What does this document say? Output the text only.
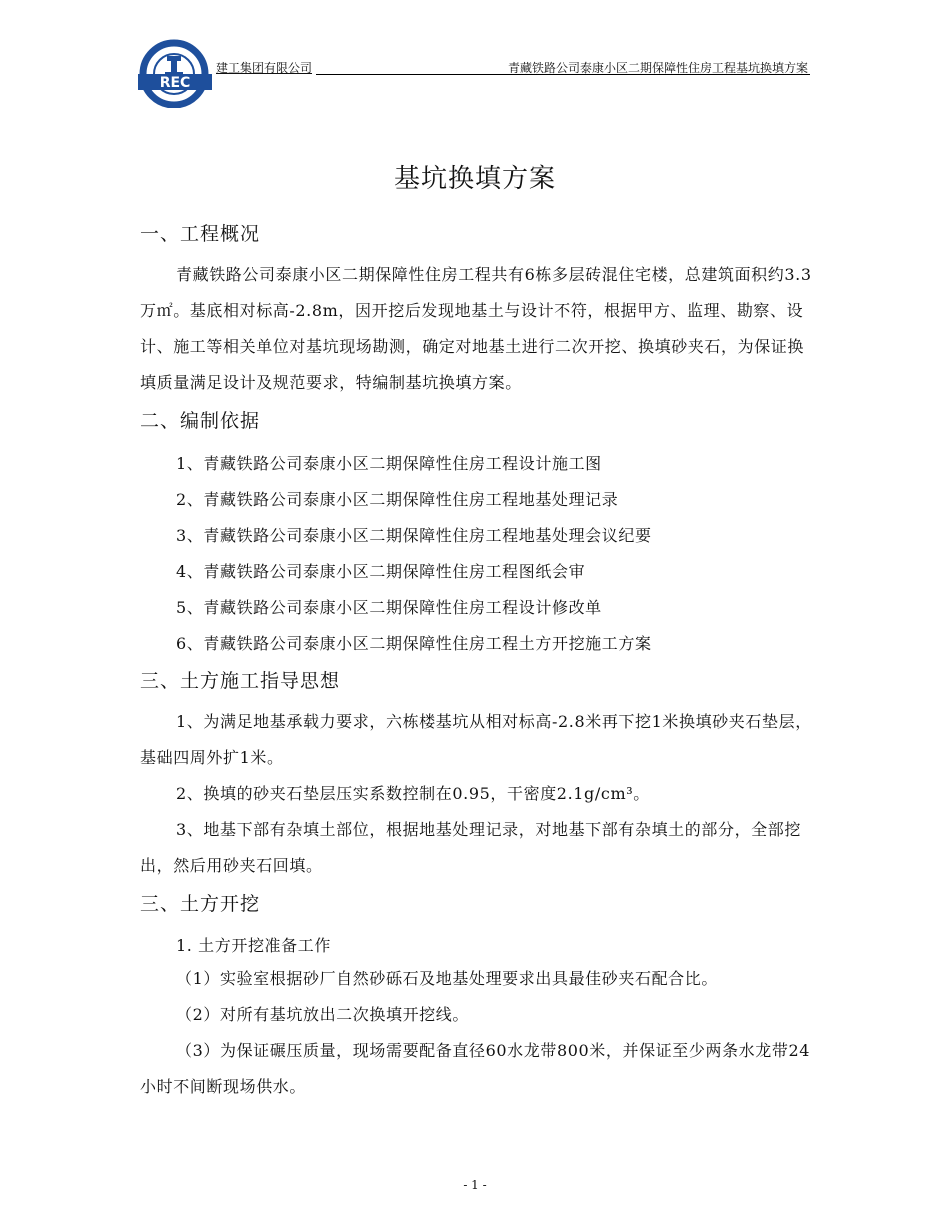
REC
建工集团有限公司	青藏铁路公司泰康小区二期保障性住房工程基坑换填方案
基坑换填方案
一、工程概况
青藏铁路公司泰康小区二期保障性住房工程共有6栋多层砖混住宅楼，总建筑面积约3.3万㎡。基底相对标高-2.8m，因开挖后发现地基土与设计不符，根据甲方、监理、勘察、设计、施工等相关单位对基坑现场勘测，确定对地基土进行二次开挖、换填砂夹石，为保证换填质量满足设计及规范要求，特编制基坑换填方案。
二、编制依据
1、青藏铁路公司泰康小区二期保障性住房工程设计施工图
2、青藏铁路公司泰康小区二期保障性住房工程地基处理记录
3、青藏铁路公司泰康小区二期保障性住房工程地基处理会议纪要
4、青藏铁路公司泰康小区二期保障性住房工程图纸会审
5、青藏铁路公司泰康小区二期保障性住房工程设计修改单
6、青藏铁路公司泰康小区二期保障性住房工程土方开挖施工方案
三、土方施工指导思想
1、为满足地基承载力要求，六栋楼基坑从相对标高-2.8米再下挖1米换填砂夹石垫层，基础四周外扩1米。
2、换填的砂夹石垫层压实系数控制在0.95，干密度2.1g/cm³。
3、地基下部有杂填土部位，根据地基处理记录，对地基下部有杂填土的部分，全部挖出，然后用砂夹石回填。
三、土方开挖
1. 土方开挖准备工作
（1）实验室根据砂厂自然砂砾石及地基处理要求出具最佳砂夹石配合比。
（2）对所有基坑放出二次换填开挖线。
（3）为保证碾压质量，现场需要配备直径60水龙带800米，并保证至少两条水龙带24小时不间断现场供水。
- 1 -
